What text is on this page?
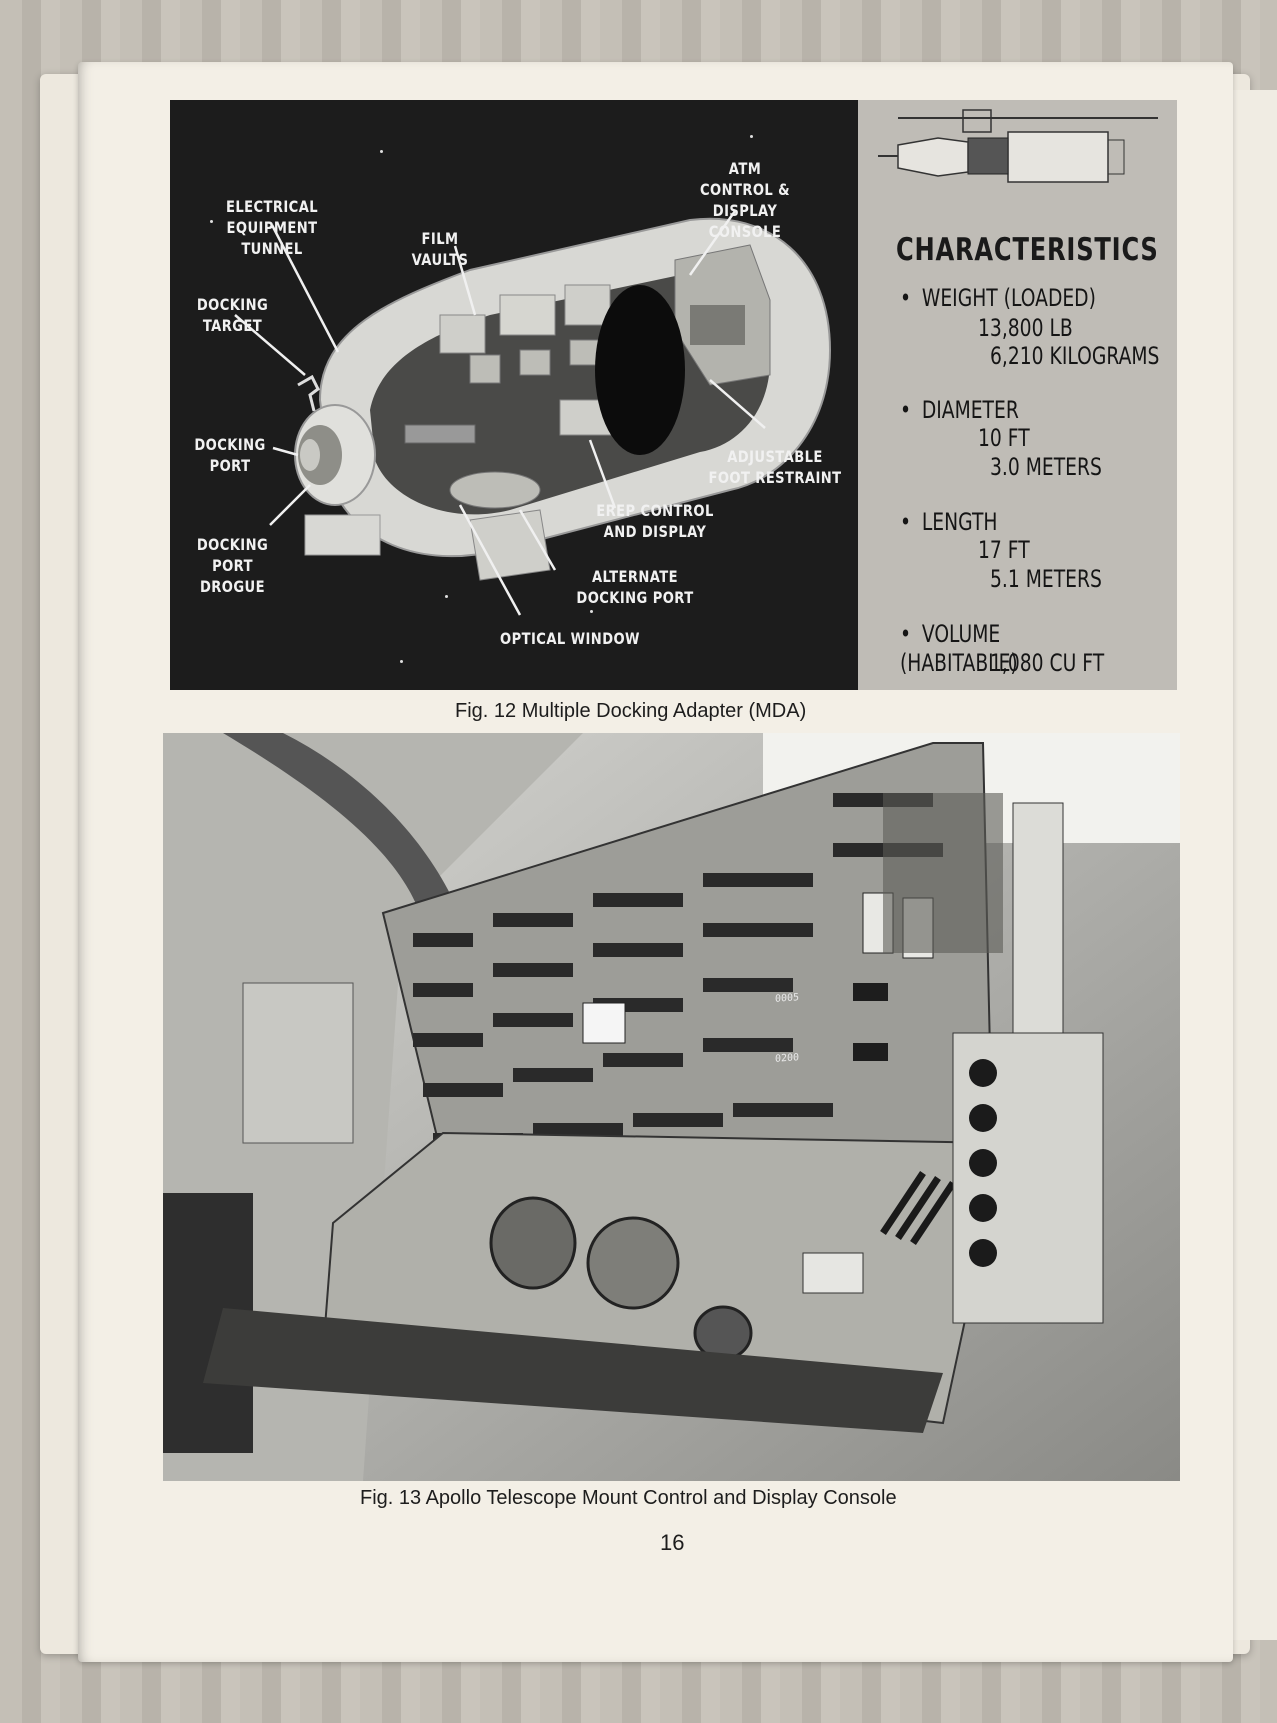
ELECTRICAL
EQUIPMENT TUNNEL
FILM
VAULTS
ATM
CONTROL & DISPLAY
CONSOLE
DOCKING
TARGET
DOCKING
PORT	ADJUSTABLE
FOOT RESTRAINT
EREP CONTROL
AND DISPLAY
DOCKING
PORT
DROGUE
ALTERNATE
DOCKING PORT
OPTICAL WINDOW
CHARACTERISTICS
• WEIGHT (LOADED)
13,800 LB
6,210 KILOGRAMS
• DIAMETER
10 FT
3.0 METERS
• LENGTH
17 FT
5.1 METERS
• VOLUME (HABITABLE)
1,080 CU FT
Fig. 12 Multiple Docking Adapter (MDA)
0005
0200
Fig. 13 Apollo Telescope Mount Control and Display Console
16
